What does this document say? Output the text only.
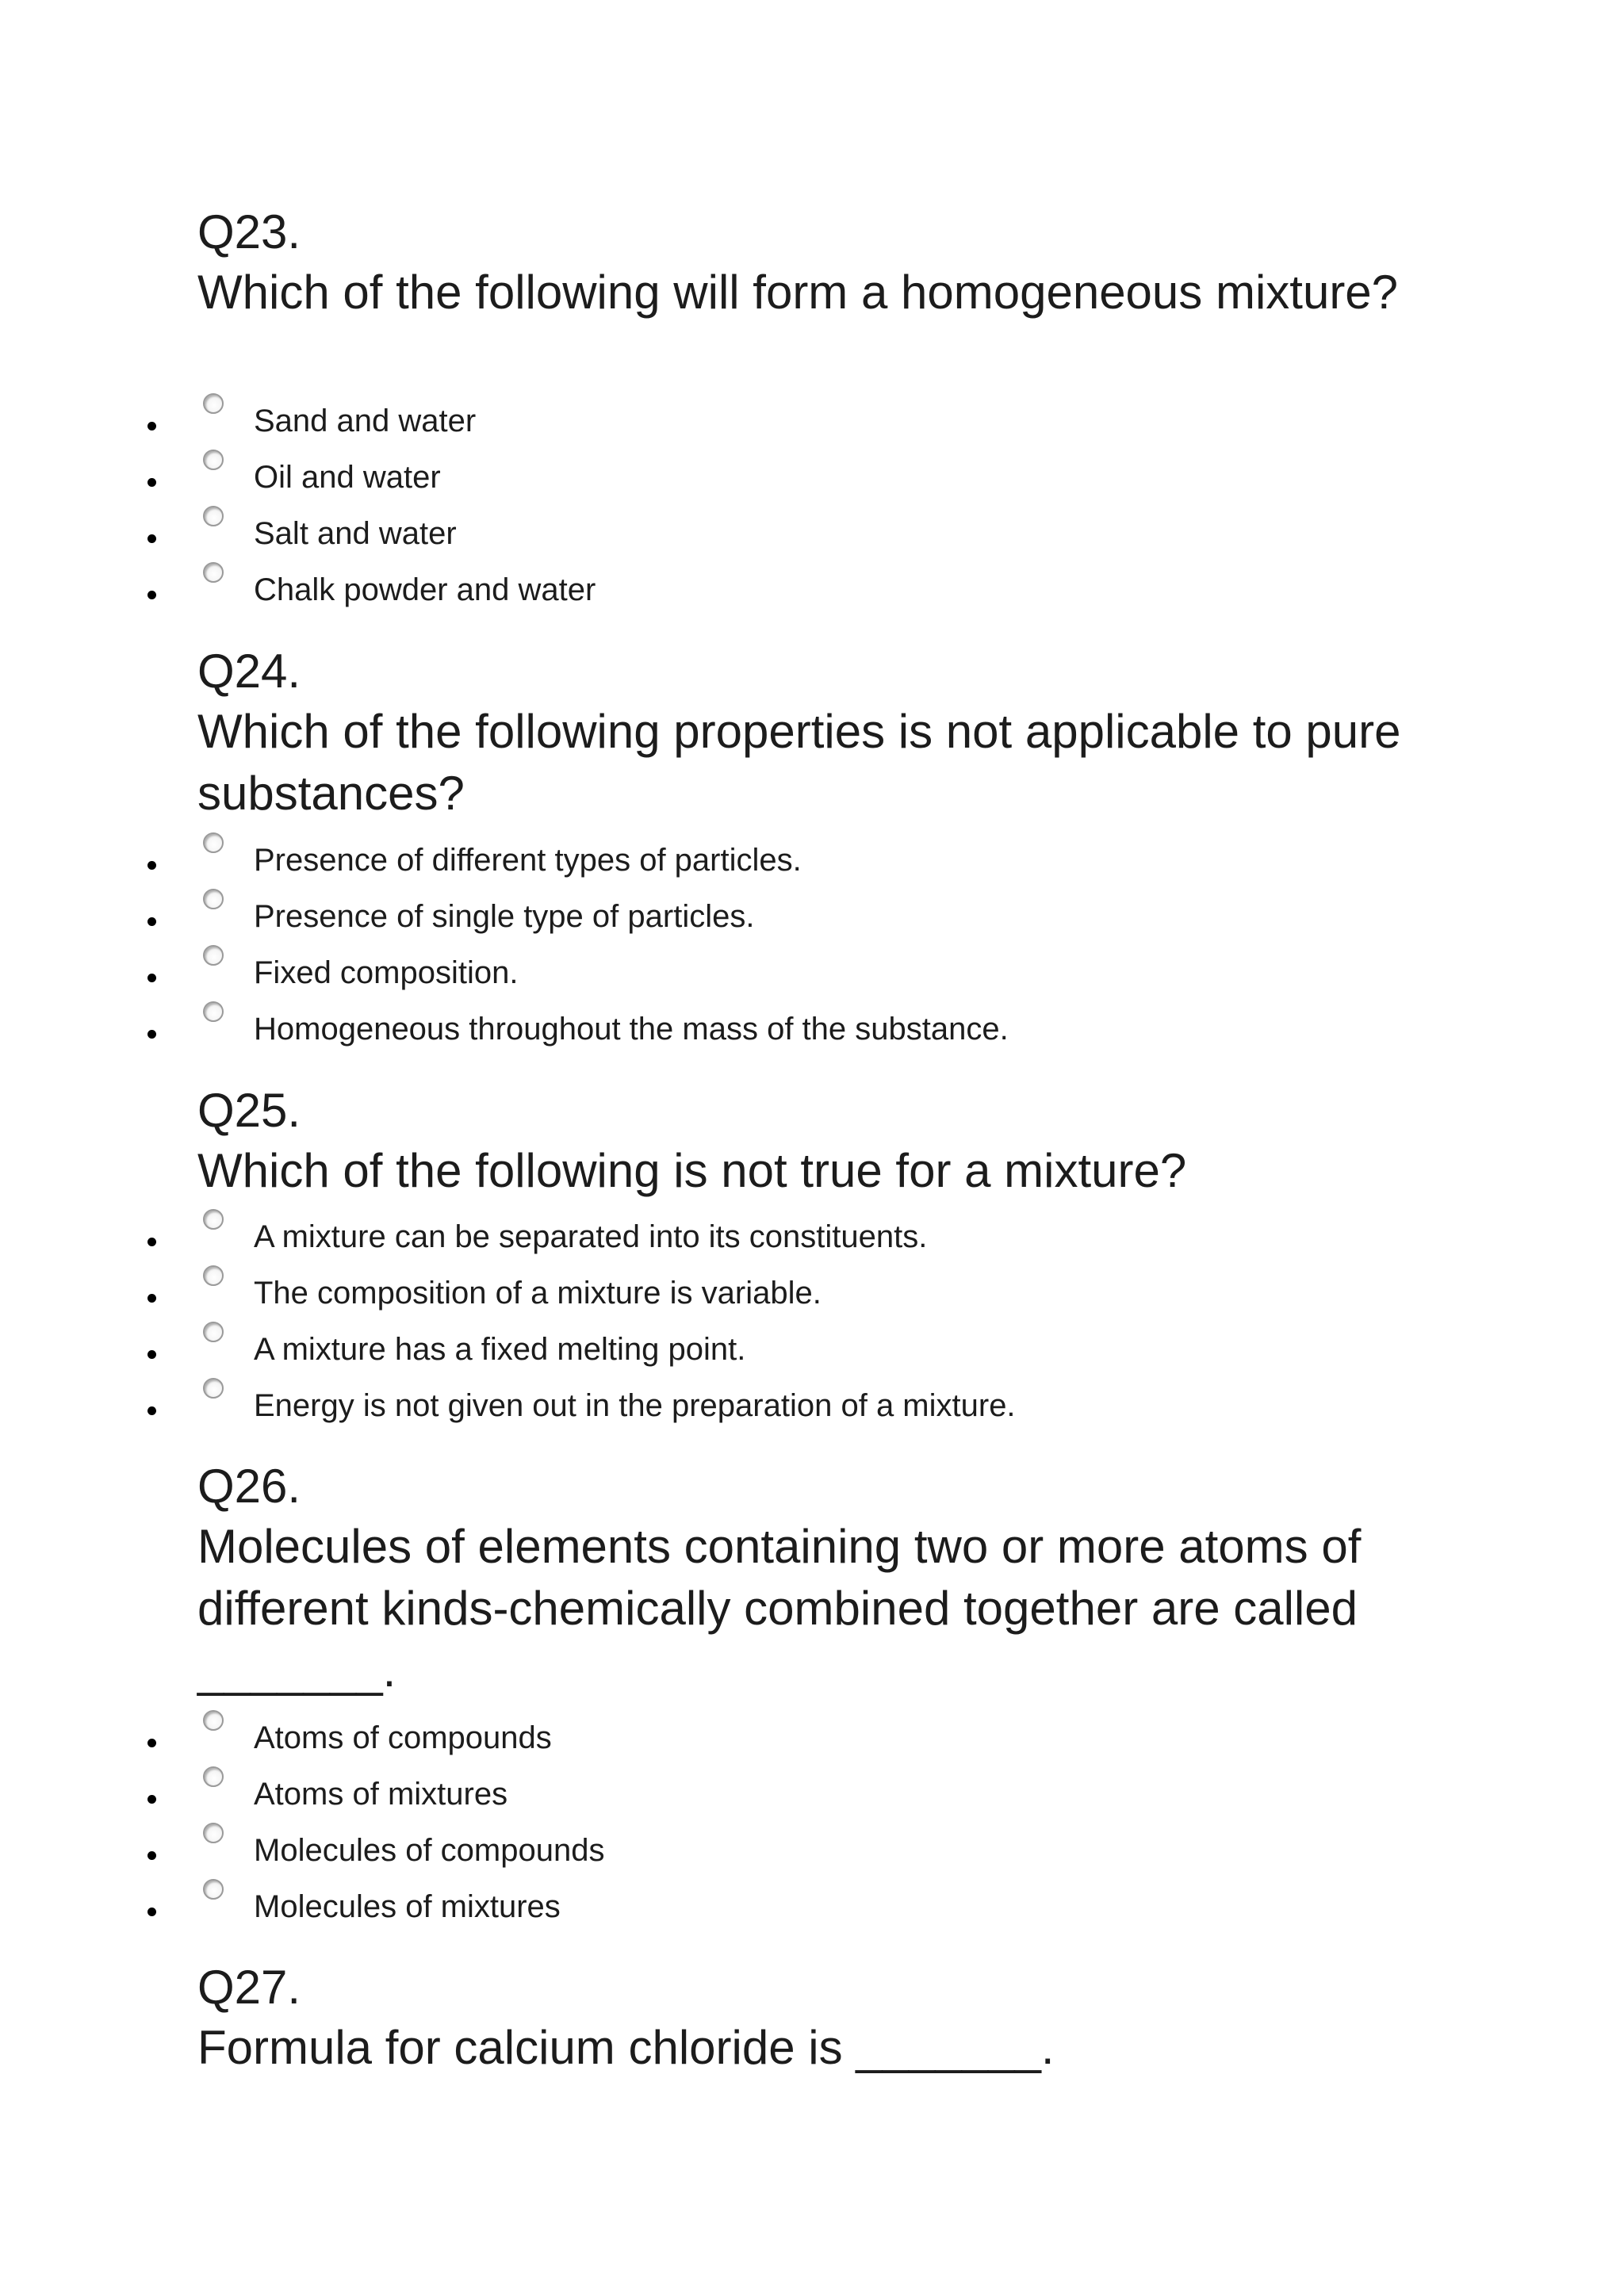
Q23.

Which of the following will form a homogeneous mixture?

Sand and water
Oil and water
Salt and water
Chalk powder and water
Q24.

Which of the following properties is not applicable to pure substances?

Presence of different types of particles.
Presence of single type of particles.
Fixed composition.
Homogeneous throughout the mass of the substance.
Q25.

Which of the following is not true for a mixture?

A mixture can be separated into its constituents.
The composition of a mixture is variable.
A mixture has a fixed melting point.
Energy is not given out in the preparation of a mixture.
Q26.

Molecules of elements containing two or more atoms of different kinds-chemically combined together are called _______.

Atoms of compounds
Atoms of mixtures
Molecules of compounds
Molecules of mixtures
Q27.

Formula for calcium chloride is _______.
